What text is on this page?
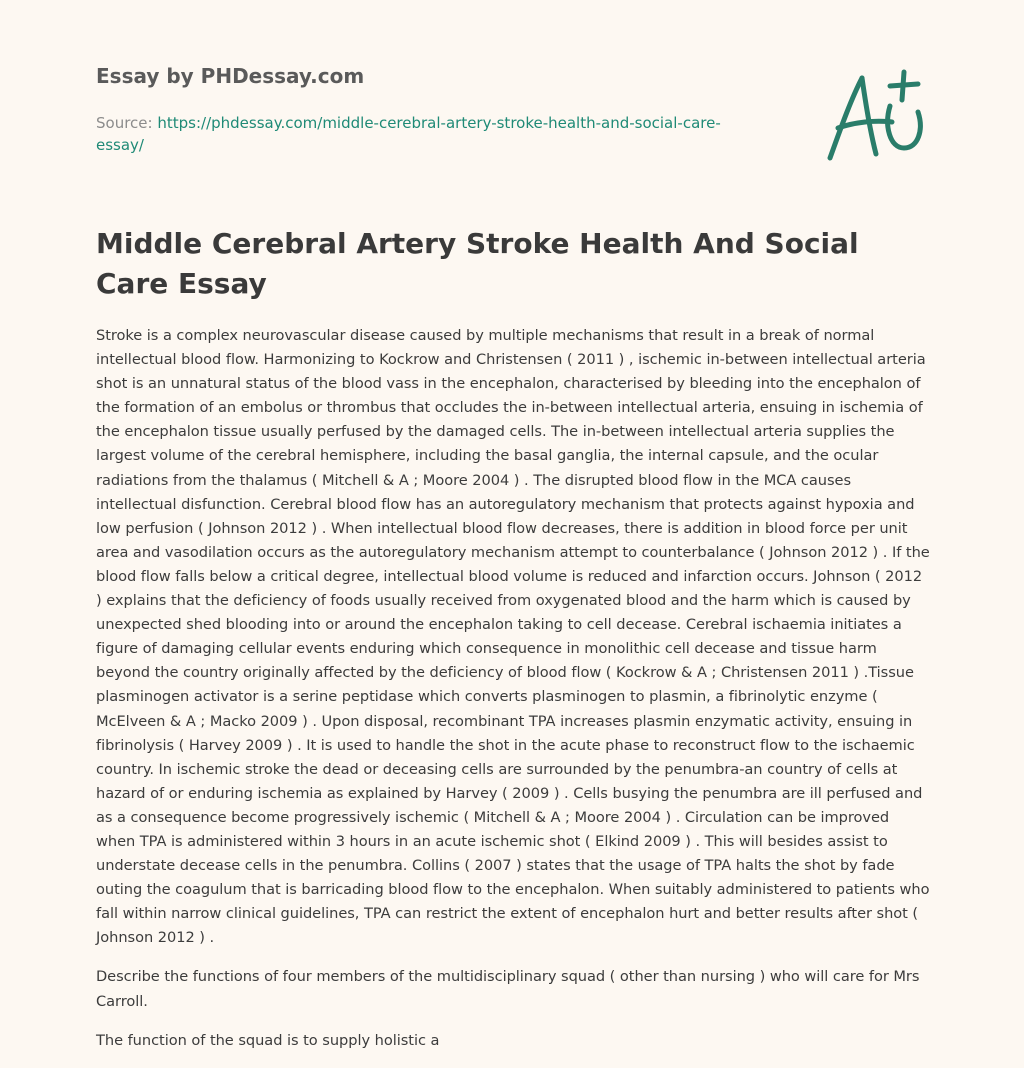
Essay by PHDessay.com
Source: https://phdessay.com/middle-cerebral-artery-stroke-health-and-social-care-essay/
Middle Cerebral Artery Stroke Health And Social Care Essay

Stroke is a complex neurovascular disease caused by multiple mechanisms that result in a break of normal intellectual blood flow. Harmonizing to Kockrow and Christensen ( 2011 ) , ischemic in-between intellectual arteria shot is an unnatural status of the blood vass in the encephalon, characterised by bleeding into the encephalon of the formation of an embolus or thrombus that occludes the in-between intellectual arteria, ensuing in ischemia of the encephalon tissue usually perfused by the damaged cells. The in-between intellectual arteria supplies the largest volume of the cerebral hemisphere, including the basal ganglia, the internal capsule, and the ocular radiations from the thalamus ( Mitchell & A ; Moore 2004 ) . The disrupted blood flow in the MCA causes intellectual disfunction. Cerebral blood flow has an autoregulatory mechanism that protects against hypoxia and low perfusion ( Johnson 2012 ) . When intellectual blood flow decreases, there is addition in blood force per unit area and vasodilation occurs as the autoregulatory mechanism attempt to counterbalance ( Johnson 2012 ) . If the blood flow falls below a critical degree, intellectual blood volume is reduced and infarction occurs. Johnson ( 2012 ) explains that the deficiency of foods usually received from oxygenated blood and the harm which is caused by unexpected shed blooding into or around the encephalon taking to cell decease. Cerebral ischaemia initiates a figure of damaging cellular events enduring which consequence in monolithic cell decease and tissue harm beyond the country originally affected by the deficiency of blood flow ( Kockrow & A ; Christensen 2011 ) .Tissue plasminogen activator is a serine peptidase which converts plasminogen to plasmin, a fibrinolytic enzyme ( McElveen & A ; Macko 2009 ) . Upon disposal, recombinant TPA increases plasmin enzymatic activity, ensuing in fibrinolysis ( Harvey 2009 ) . It is used to handle the shot in the acute phase to reconstruct flow to the ischaemic country. In ischemic stroke the dead or deceasing cells are surrounded by the penumbra-an country of cells at hazard of or enduring ischemia as explained by Harvey ( 2009 ) . Cells busying the penumbra are ill perfused and as a consequence become progressively ischemic ( Mitchell & A ; Moore 2004 ) . Circulation can be improved when TPA is administered within 3 hours in an acute ischemic shot ( Elkind 2009 ) . This will besides assist to understate decease cells in the penumbra. Collins ( 2007 ) states that the usage of TPA halts the shot by fade outing the coagulum that is barricading blood flow to the encephalon. When suitably administered to patients who fall within narrow clinical guidelines, TPA can restrict the extent of encephalon hurt and better results after shot ( Johnson 2012 ) .

Describe the functions of four members of the multidisciplinary squad ( other than nursing ) who will care for Mrs Carroll.

The function of the squad is to supply holistic a
